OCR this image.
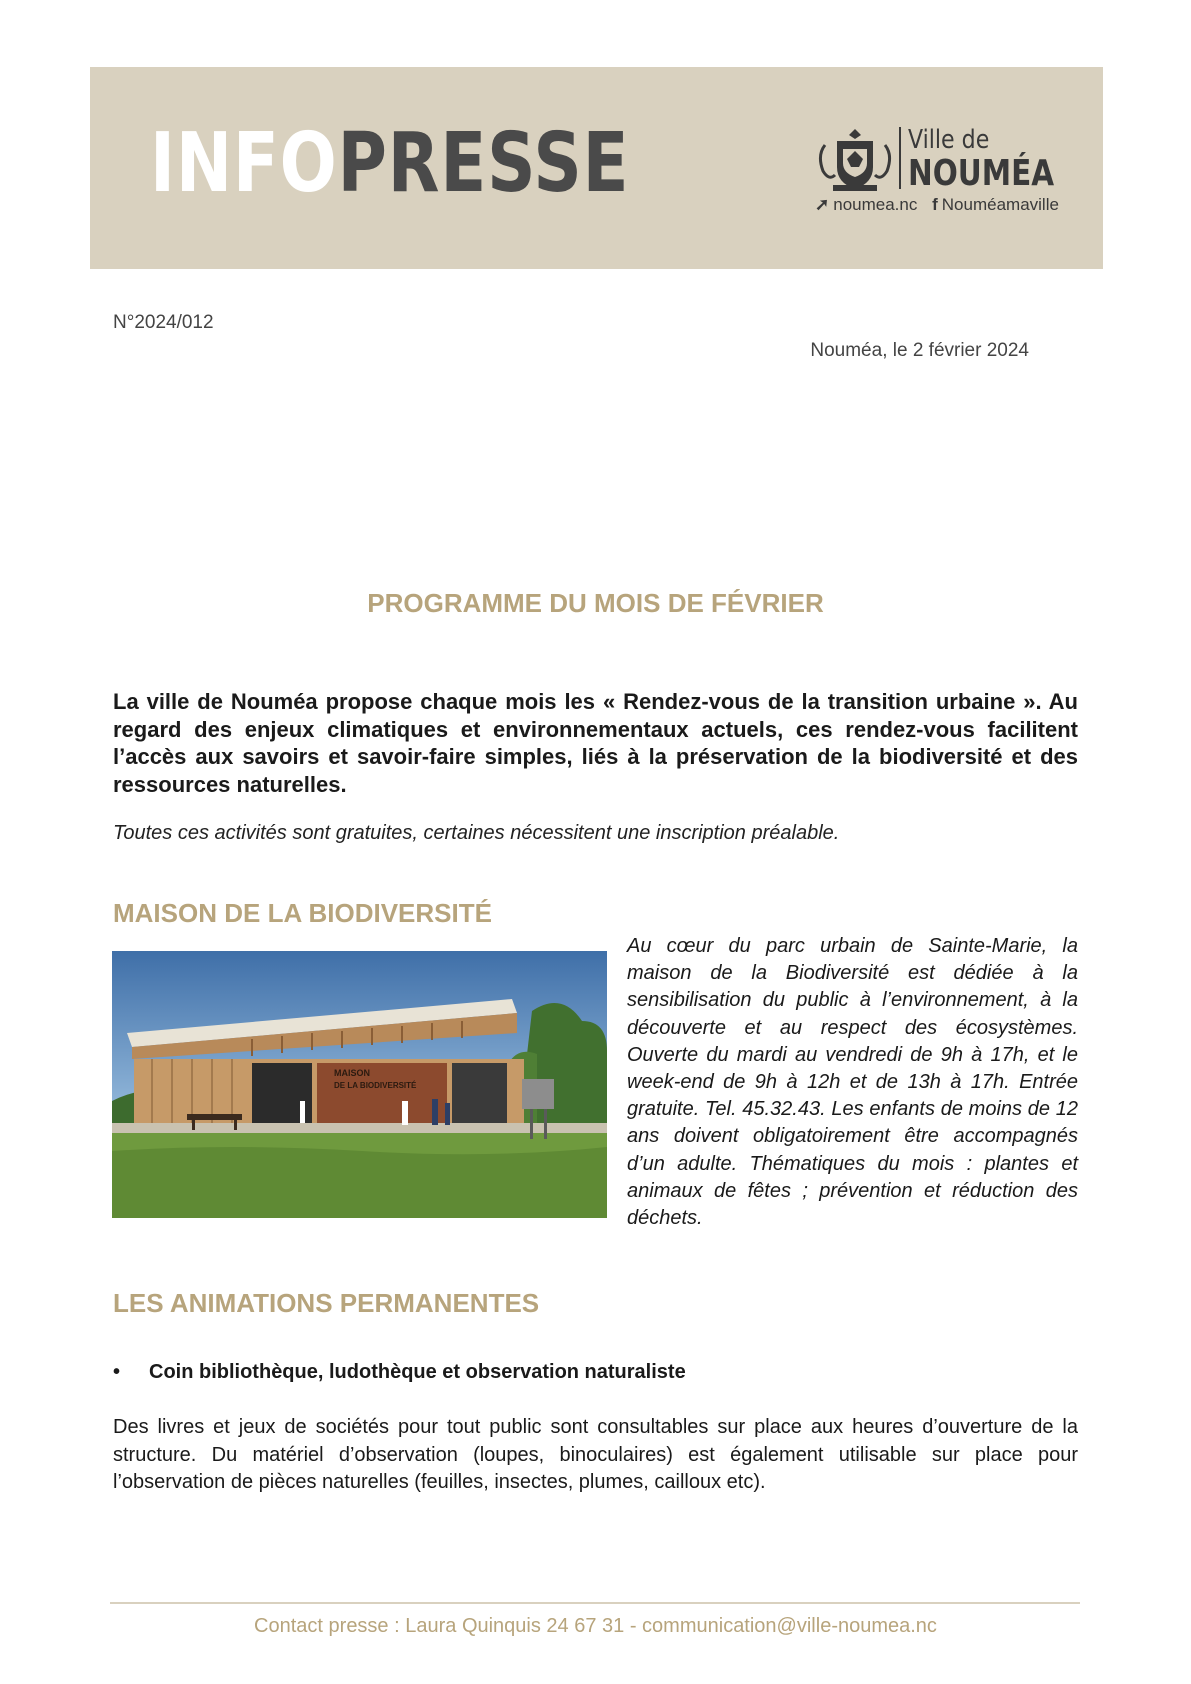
INFOPRESSE	Ville de
NOUMÉA
➚ noumea.nc f Nouméamaville
N°2024/012
Nouméa, le 2 février 2024
PROGRAMME DU MOIS DE FÉVRIER

La ville de Nouméa propose chaque mois les « Rendez-vous de la transition urbaine ». Au regard des enjeux climatiques et environnementaux actuels, ces rendez-vous facilitent l’accès aux savoirs et savoir-faire simples, liés à la préservation de la biodiversité et des ressources naturelles.

Toutes ces activités sont gratuites, certaines nécessitent une inscription préalable.

MAISON DE LA BIODIVERSITÉ
MAISON
DE LA BIODIVERSITÉ

Au cœur du parc urbain de Sainte-Marie, la maison de la Biodiversité est dédiée à la sensibilisation du public à l’environnement, à la découverte et au respect des écosystèmes. Ouverte du mardi au vendredi de 9h à 17h, et le week-end de 9h à 12h et de 13h à 17h. Entrée gratuite. Tel. 45.32.43. Les enfants de moins de 12 ans doivent obligatoirement être accompagnés d’un adulte. Thématiques du mois : plantes et animaux de fêtes ; prévention et réduction des déchets.

LES ANIMATIONS PERMANENTES

• Coin bibliothèque, ludothèque et observation naturaliste

Des livres et jeux de sociétés pour tout public sont consultables sur place aux heures d’ouverture de la structure. Du matériel d’observation (loupes, binoculaires) est également utilisable sur place pour l’observation de pièces naturelles (feuilles, insectes, plumes, cailloux etc).

Contact presse : Laura Quinquis 24 67 31 - communication@ville-noumea.nc
